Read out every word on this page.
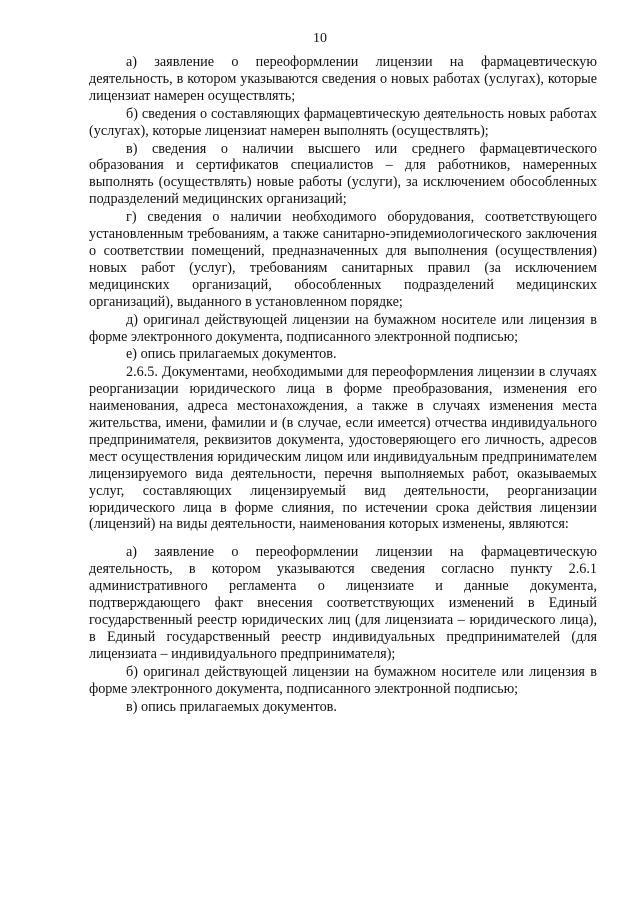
10

а) заявление о переоформлении лицензии на фармацевтическую деятельность, в котором указываются сведения о новых работах (услугах), которые лицензиат намерен осуществлять;

б) сведения о составляющих фармацевтическую деятельность новых работах (услугах), которые лицензиат намерен выполнять (осуществлять);

в) сведения о наличии высшего или среднего фармацевтического образования и сертификатов специалистов – для работников, намеренных выполнять (осуществлять) новые работы (услуги), за исключением обособленных подразделений медицинских организаций;

г) сведения о наличии необходимого оборудования, соответствующего установленным требованиям, а также санитарно-эпидемиологического заключения о соответствии помещений, предназначенных для выполнения (осуществления) новых работ (услуг), требованиям санитарных правил (за исключением медицинских организаций, обособленных подразделений медицинских организаций), выданного в установленном порядке;

д) оригинал действующей лицензии на бумажном носителе или лицензия в форме электронного документа, подписанного электронной подписью;

е) опись прилагаемых документов.

2.6.5. Документами, необходимыми для переоформления лицензии в случаях реорганизации юридического лица в форме преобразования, изменения его наименования, адреса местонахождения, а также в случаях изменения места жительства, имени, фамилии и (в случае, если имеется) отчества индивидуального предпринимателя, реквизитов документа, удостоверяющего его личность, адресов мест осуществления юридическим лицом или индивидуальным предпринимателем лицензируемого вида деятельности, перечня выполняемых работ, оказываемых услуг, составляющих лицензируемый вид деятельности, реорганизации юридического лица в форме слияния, по истечении срока действия лицензии (лицензий) на виды деятельности, наименования которых изменены, являются:

а) заявление о переоформлении лицензии на фармацевтическую деятельность, в котором указываются сведения согласно пункту 2.6.1 административного регламента о лицензиате и данные документа, подтверждающего факт внесения соответствующих изменений в Единый государственный реестр юридических лиц (для лицензиата – юридического лица), в Единый государственный реестр индивидуальных предпринимателей (для лицензиата – индивидуального предпринимателя);

б) оригинал действующей лицензии на бумажном носителе или лицензия в форме электронного документа, подписанного электронной подписью;

в) опись прилагаемых документов.
